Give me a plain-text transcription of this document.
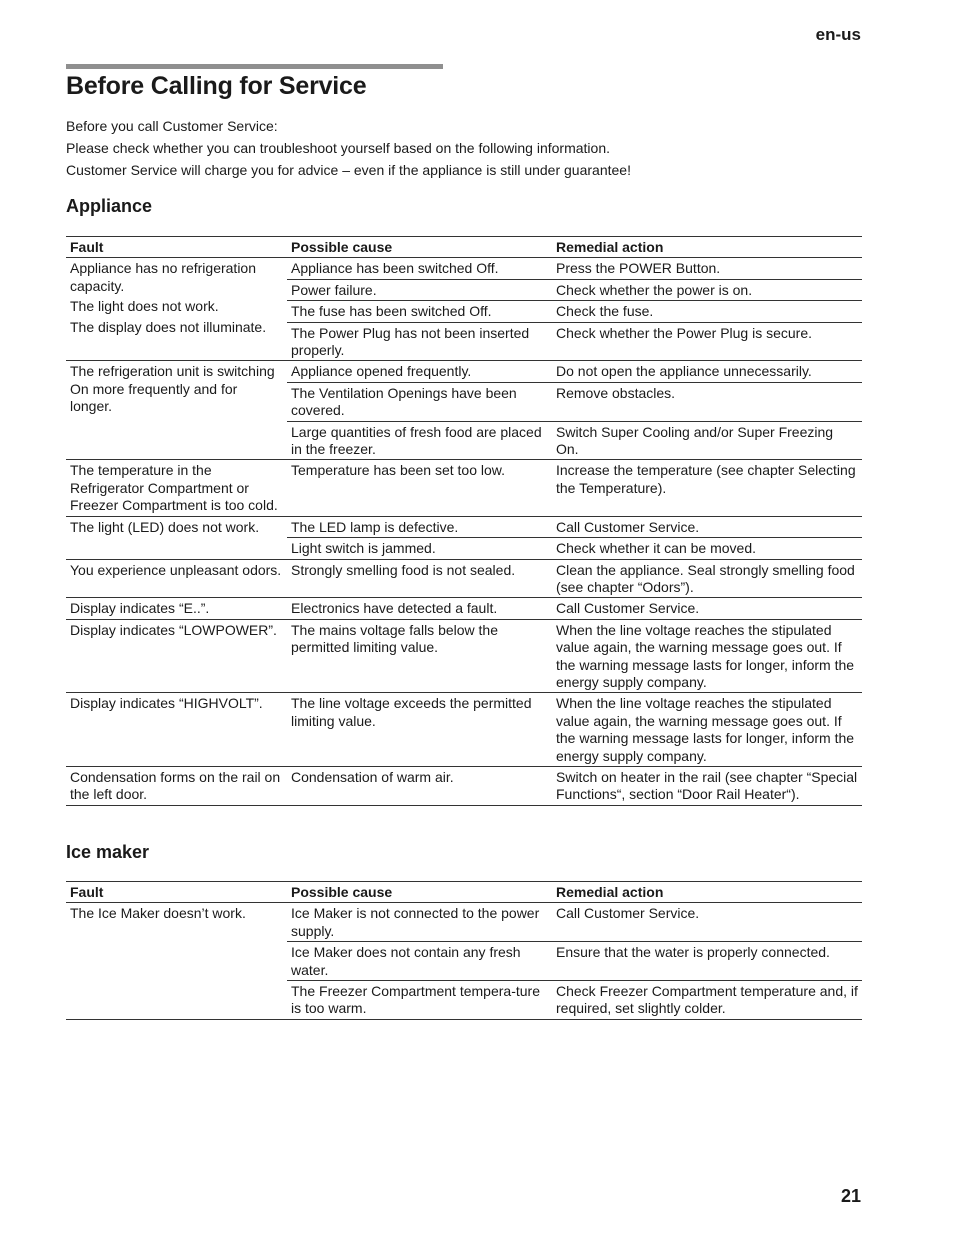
en-us
Before Calling for Service

Before you call Customer Service:

Please check whether you can troubleshoot yourself based on the following information.

Customer Service will charge you for advice – even if the appliance is still under guarantee!

Appliance
Fault	Possible cause	Remedial action

Appliance has no refrigeration capacity.

The light does not work.

The display does not illuminate.	Appliance has been switched Off.	Press the POWER Button.
	Power failure.	Check whether the power is on.
	The fuse has been switched Off.	Check the fuse.
	The Power Plug has not been inserted properly.	Check whether the Power Plug is secure.

The refrigeration unit is switching On more frequently and for longer.	Appliance opened frequently.	Do not open the appliance unnecessarily.
	The Ventilation Openings have been covered.	Remove obstacles.
	Large quantities of fresh food are placed in the freezer.	Switch Super Cooling and/or Super Freezing On.

The temperature in the Refrigerator Compartment or Freezer Compartment is too cold.	Temperature has been set too low.	Increase the temperature (see chapter Selecting the Temperature).

The light (LED) does not work.	The LED lamp is defective.	Call Customer Service.
	Light switch is jammed.	Check whether it can be moved.

You experience unpleasant odors.	Strongly smelling food is not sealed.	Clean the appliance. Seal strongly smelling food (see chapter “Odors”).

Display indicates “E..”.	Electronics have detected a fault.	Call Customer Service.

Display indicates “LOWPOWER”.	The mains voltage falls below the permitted limiting value.	When the line voltage reaches the stipulated value again, the warning message goes out. If the warning message lasts for longer, inform the energy supply company.

Display indicates “HIGHVOLT”.	The line voltage exceeds the permitted limiting value.	When the line voltage reaches the stipulated value again, the warning message goes out. If the warning message lasts for longer, inform the energy supply company.

Condensation forms on the rail on the left door.	Condensation of warm air.	Switch on heater in the rail (see chapter “Special Functions“, section “Door Rail Heater“).
Ice maker
Fault	Possible cause	Remedial action

The Ice Maker doesn’t work.	Ice Maker is not connected to the power supply.	Call Customer Service.
	Ice Maker does not contain any fresh water.	Ensure that the water is properly connected.
	The Freezer Compartment tempera-ture is too warm.	Check Freezer Compartment temperature and, if required, set slightly colder.
21
